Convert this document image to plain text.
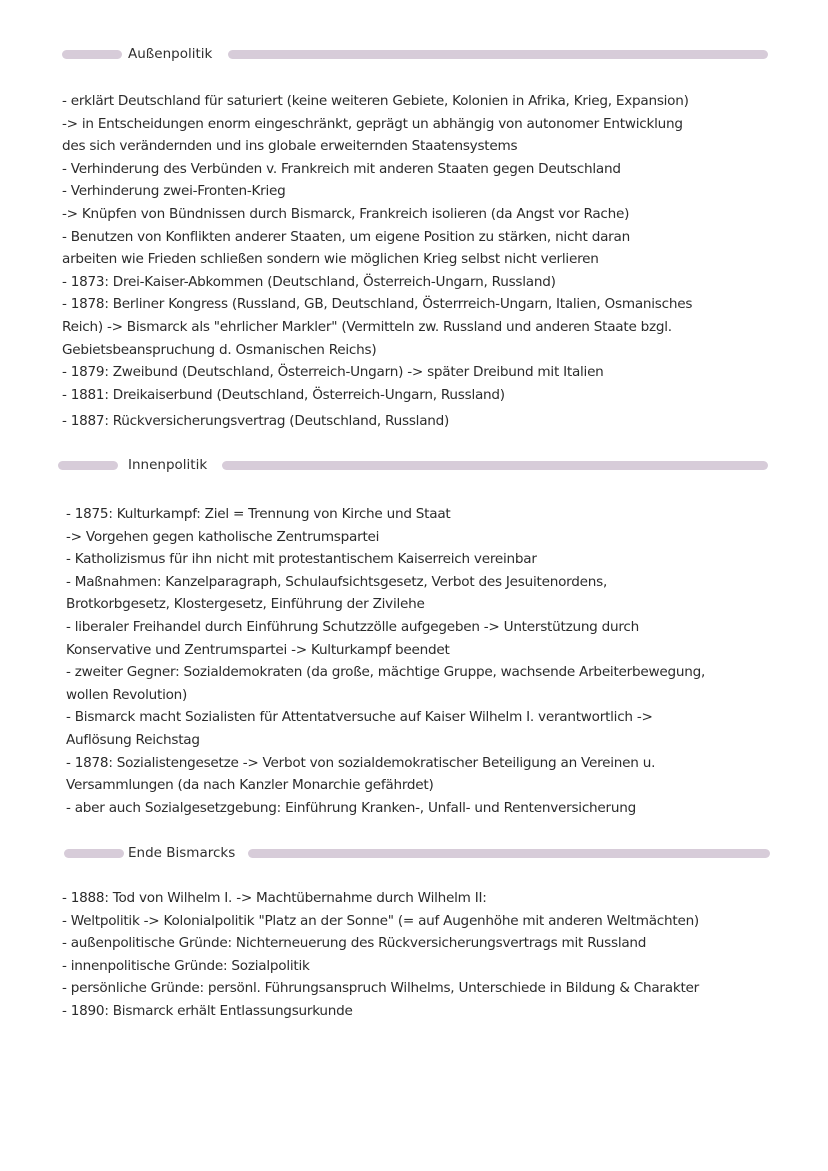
Außenpolitik
- erklärt Deutschland für saturiert (keine weiteren Gebiete, Kolonien in Afrika, Krieg, Expansion)
-> in Entscheidungen enorm eingeschränkt, geprägt un abhängig von autonomer Entwicklung
des sich verändernden und ins globale erweiternden Staatensystems
- Verhinderung des Verbünden v. Frankreich mit anderen Staaten gegen Deutschland
- Verhinderung zwei-Fronten-Krieg
-> Knüpfen von Bündnissen durch Bismarck, Frankreich isolieren (da Angst vor Rache)
- Benutzen von Konflikten anderer Staaten, um eigene Position zu stärken, nicht daran
arbeiten wie Frieden schließen sondern wie möglichen Krieg selbst nicht verlieren
- 1873: Drei-Kaiser-Abkommen (Deutschland, Österreich-Ungarn, Russland)
- 1878: Berliner Kongress (Russland, GB, Deutschland, Österrreich-Ungarn, Italien, Osmanisches
Reich) -> Bismarck als "ehrlicher Markler" (Vermitteln zw. Russland und anderen Staate bzgl.
Gebietsbeanspruchung d. Osmanischen Reichs)
- 1879: Zweibund (Deutschland, Österreich-Ungarn) -> später Dreibund mit Italien
- 1881: Dreikaiserbund (Deutschland, Österreich-Ungarn, Russland)
- 1887: Rückversicherungsvertrag (Deutschland, Russland)
Innenpolitik
- 1875: Kulturkampf: Ziel = Trennung von Kirche und Staat
-> Vorgehen gegen katholische Zentrumspartei
- Katholizismus für ihn nicht mit protestantischem Kaiserreich vereinbar
- Maßnahmen: Kanzelparagraph, Schulaufsichtsgesetz, Verbot des Jesuitenordens,
Brotkorbgesetz, Klostergesetz, Einführung der Zivilehe
- liberaler Freihandel durch Einführung Schutzzölle aufgegeben -> Unterstützung durch
Konservative und Zentrumspartei -> Kulturkampf beendet
- zweiter Gegner: Sozialdemokraten (da große, mächtige Gruppe, wachsende Arbeiterbewegung,
wollen Revolution)
- Bismarck macht Sozialisten für Attentatversuche auf Kaiser Wilhelm I. verantwortlich ->
Auflösung Reichstag
- 1878: Sozialistengesetze -> Verbot von sozialdemokratischer Beteiligung an Vereinen u.
Versammlungen (da nach Kanzler Monarchie gefährdet)
- aber auch Sozialgesetzgebung: Einführung Kranken-, Unfall- und Rentenversicherung
Ende Bismarcks
- 1888: Tod von Wilhelm I. -> Machtübernahme durch Wilhelm II:
- Weltpolitik -> Kolonialpolitik "Platz an der Sonne" (= auf Augenhöhe mit anderen Weltmächten)
- außenpolitische Gründe: Nichterneuerung des Rückversicherungsvertrags mit Russland
- innenpolitische Gründe: Sozialpolitik
- persönliche Gründe: persönl. Führungsanspruch Wilhelms, Unterschiede in Bildung & Charakter
- 1890: Bismarck erhält Entlassungsurkunde
